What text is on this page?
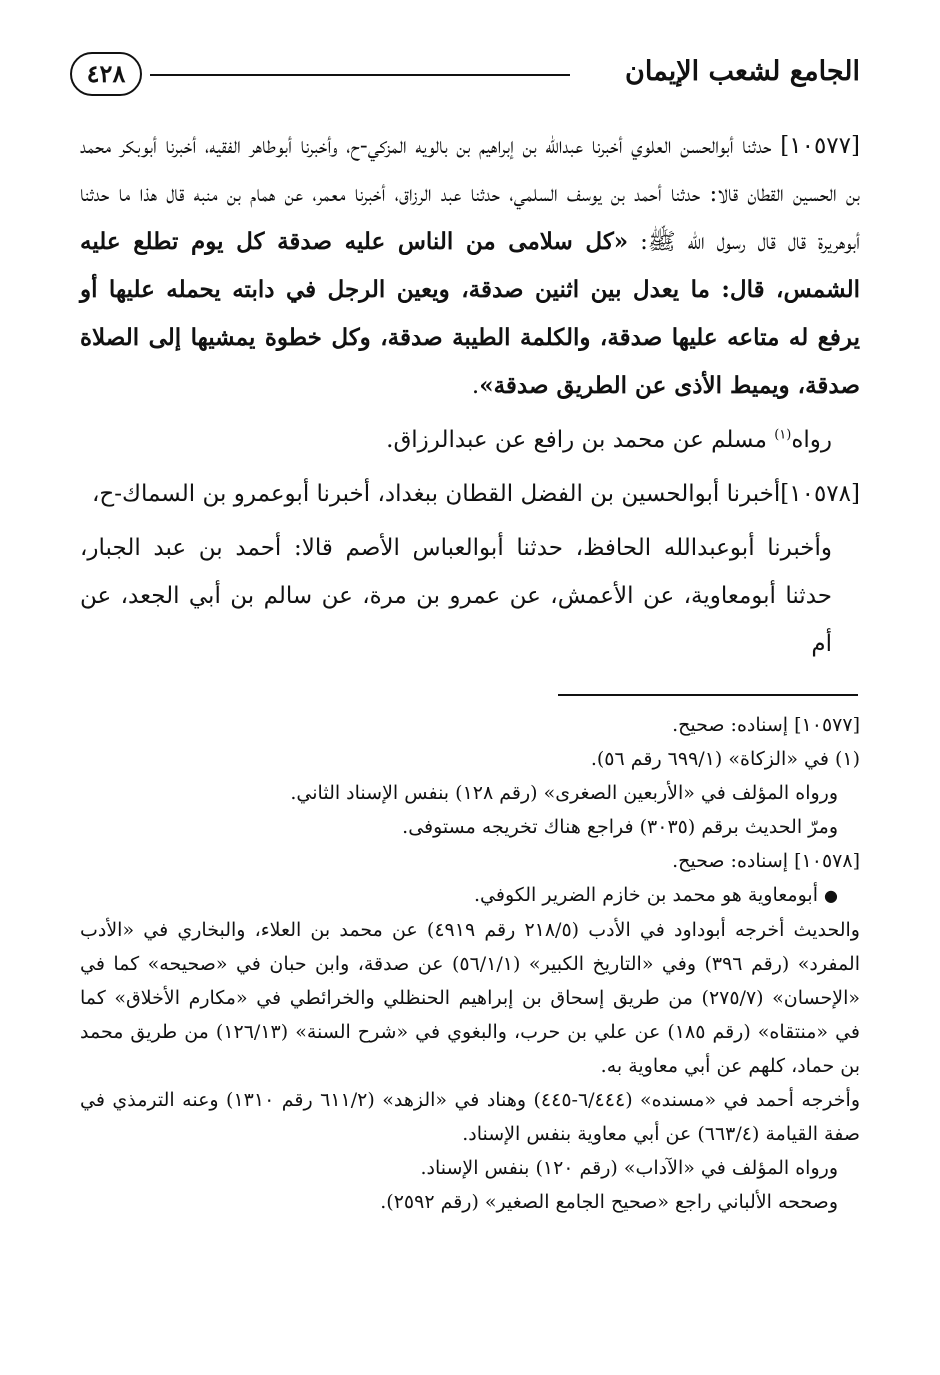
الجامع لشعب الإيمان
٤٢٨

[١٠٥٧٧] حدثنا أبوالحسن العلوي أخبرنا عبدالله بن إبراهيم بن بالويه المزكي-ح، وأخبرنا أبوطاهر الفقيه، أخبرنا أبوبكر محمد بن الحسين القطان قالا: حدثنا أحمد بن يوسف السلمي، حدثنا عبد الرزاق، أخبرنا معمر، عن همام بن منبه قال هذا ما حدثنا أبوهريرة قال قال رسول الله ﷺ: «كل سلامى من الناس عليه صدقة كل يوم تطلع عليه الشمس، قال: ما يعدل بين اثنين صدقة، ويعين الرجل في دابته يحمله عليها أو يرفع له متاعه عليها صدقة، والكلمة الطيبة صدقة، وكل خطوة يمشيها إلى الصلاة صدقة، ويميط الأذى عن الطريق صدقة».

رواه$^{(١)}$ مسلم عن محمد بن رافع عن عبدالرزاق.

[١٠٥٧٨]أخبرنا أبوالحسين بن الفضل القطان ببغداد، أخبرنا أبوعمرو بن السماك-ح،

وأخبرنا أبوعبدالله الحافظ، حدثنا أبوالعباس الأصم قالا: أحمد بن عبد الجبار، حدثنا أبومعاوية، عن الأعمش، عن عمرو بن مرة، عن سالم بن أبي الجعد، عن أم

[١٠٥٧٧] إسناده: صحيح.

(١) في «الزكاة» (٦٩٩/١ رقم ٥٦).

ورواه المؤلف في «الأربعين الصغرى» (رقم ١٢٨) بنفس الإسناد الثاني.

ومرّ الحديث برقم (٣٠٣٥) فراجع هناك تخريجه مستوفى.

[١٠٥٧٨] إسناده: صحيح.

● أبومعاوية هو محمد بن خازم الضرير الكوفي.

والحديث أخرجه أبوداود في الأدب (٢١٨/٥ رقم ٤٩١٩) عن محمد بن العلاء، والبخاري في «الأدب المفرد» (رقم ٣٩٦) وفي «التاريخ الكبير» (٥٦/١/١) عن صدقة، وابن حبان في «صحيحه» كما في «الإحسان» (٢٧٥/٧) من طريق إسحاق بن إبراهيم الحنظلي والخرائطي في «مكارم الأخلاق» كما في «منتقاه» (رقم ١٨٥) عن علي بن حرب، والبغوي في «شرح السنة» (١٢٦/١٣) من طريق محمد بن حماد، كلهم عن أبي معاوية به.

وأخرجه أحمد في «مسنده» (٦/٤٤٤-٤٤٥) وهناد في «الزهد» (٦١١/٢ رقم ١٣١٠) وعنه الترمذي في صفة القيامة (٦٦٣/٤) عن أبي معاوية بنفس الإسناد.

ورواه المؤلف في «الآداب» (رقم ١٢٠) بنفس الإسناد.

وصححه الألباني راجع «صحيح الجامع الصغير» (رقم ٢٥٩٢).
